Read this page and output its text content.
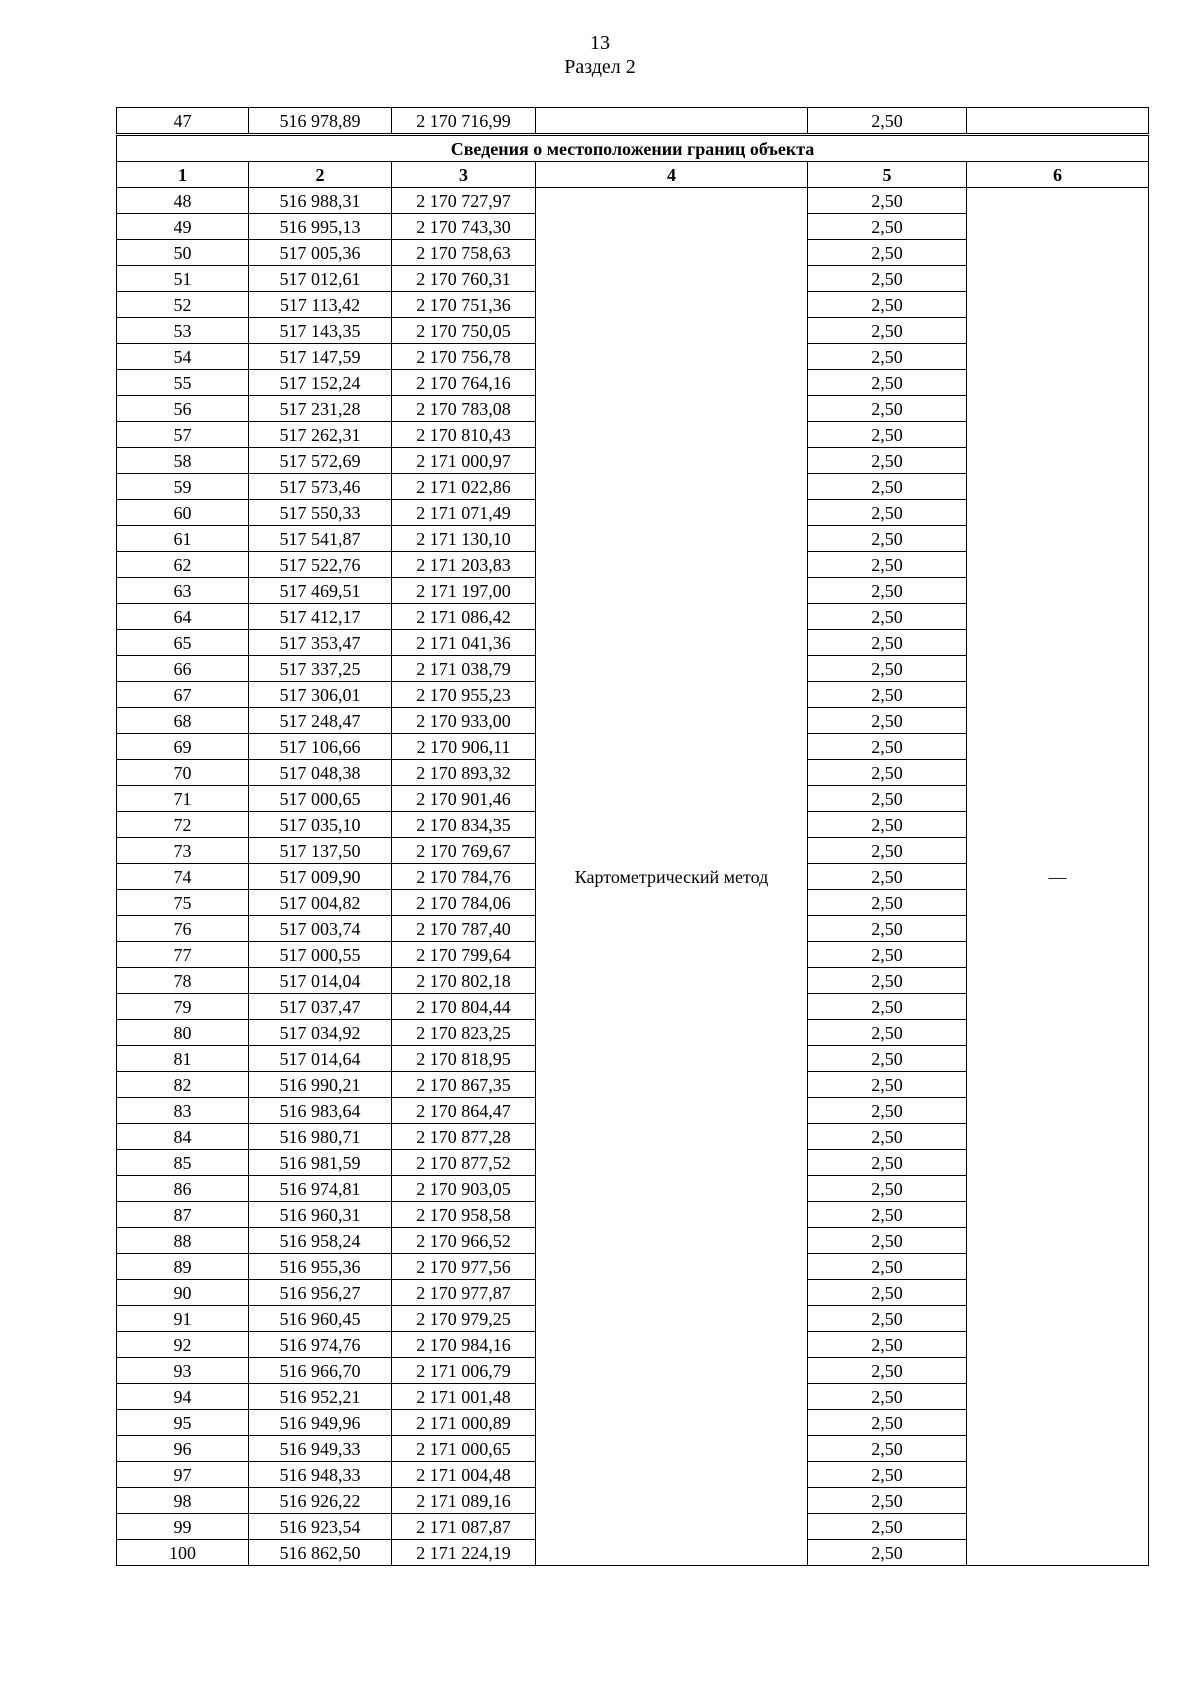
13
Раздел 2
47	516 978,89	2 170 716,99		2,50	
Сведения о местоположении границ объекта					
1	2	3	4	5	6
48	516 988,31	2 170 727,97	Картометрический метод	2,50	—
49	516 995,13	2 170 743,30		2,50	
50	517 005,36	2 170 758,63		2,50	
51	517 012,61	2 170 760,31		2,50	
52	517 113,42	2 170 751,36		2,50	
53	517 143,35	2 170 750,05		2,50	
54	517 147,59	2 170 756,78		2,50	
55	517 152,24	2 170 764,16		2,50	
56	517 231,28	2 170 783,08		2,50	
57	517 262,31	2 170 810,43		2,50	
58	517 572,69	2 171 000,97		2,50	
59	517 573,46	2 171 022,86		2,50	
60	517 550,33	2 171 071,49		2,50	
61	517 541,87	2 171 130,10		2,50	
62	517 522,76	2 171 203,83		2,50	
63	517 469,51	2 171 197,00		2,50	
64	517 412,17	2 171 086,42		2,50	
65	517 353,47	2 171 041,36		2,50	
66	517 337,25	2 171 038,79		2,50	
67	517 306,01	2 170 955,23		2,50	
68	517 248,47	2 170 933,00		2,50	
69	517 106,66	2 170 906,11		2,50	
70	517 048,38	2 170 893,32		2,50	
71	517 000,65	2 170 901,46		2,50	
72	517 035,10	2 170 834,35		2,50	
73	517 137,50	2 170 769,67		2,50	
74	517 009,90	2 170 784,76		2,50	
75	517 004,82	2 170 784,06		2,50	
76	517 003,74	2 170 787,40		2,50	
77	517 000,55	2 170 799,64		2,50	
78	517 014,04	2 170 802,18		2,50	
79	517 037,47	2 170 804,44		2,50	
80	517 034,92	2 170 823,25		2,50	
81	517 014,64	2 170 818,95		2,50	
82	516 990,21	2 170 867,35		2,50	
83	516 983,64	2 170 864,47		2,50	
84	516 980,71	2 170 877,28		2,50	
85	516 981,59	2 170 877,52		2,50	
86	516 974,81	2 170 903,05		2,50	
87	516 960,31	2 170 958,58		2,50	
88	516 958,24	2 170 966,52		2,50	
89	516 955,36	2 170 977,56		2,50	
90	516 956,27	2 170 977,87		2,50	
91	516 960,45	2 170 979,25		2,50	
92	516 974,76	2 170 984,16		2,50	
93	516 966,70	2 171 006,79		2,50	
94	516 952,21	2 171 001,48		2,50	
95	516 949,96	2 171 000,89		2,50	
96	516 949,33	2 171 000,65		2,50	
97	516 948,33	2 171 004,48		2,50	
98	516 926,22	2 171 089,16		2,50	
99	516 923,54	2 171 087,87		2,50	
100	516 862,50	2 171 224,19		2,50	
